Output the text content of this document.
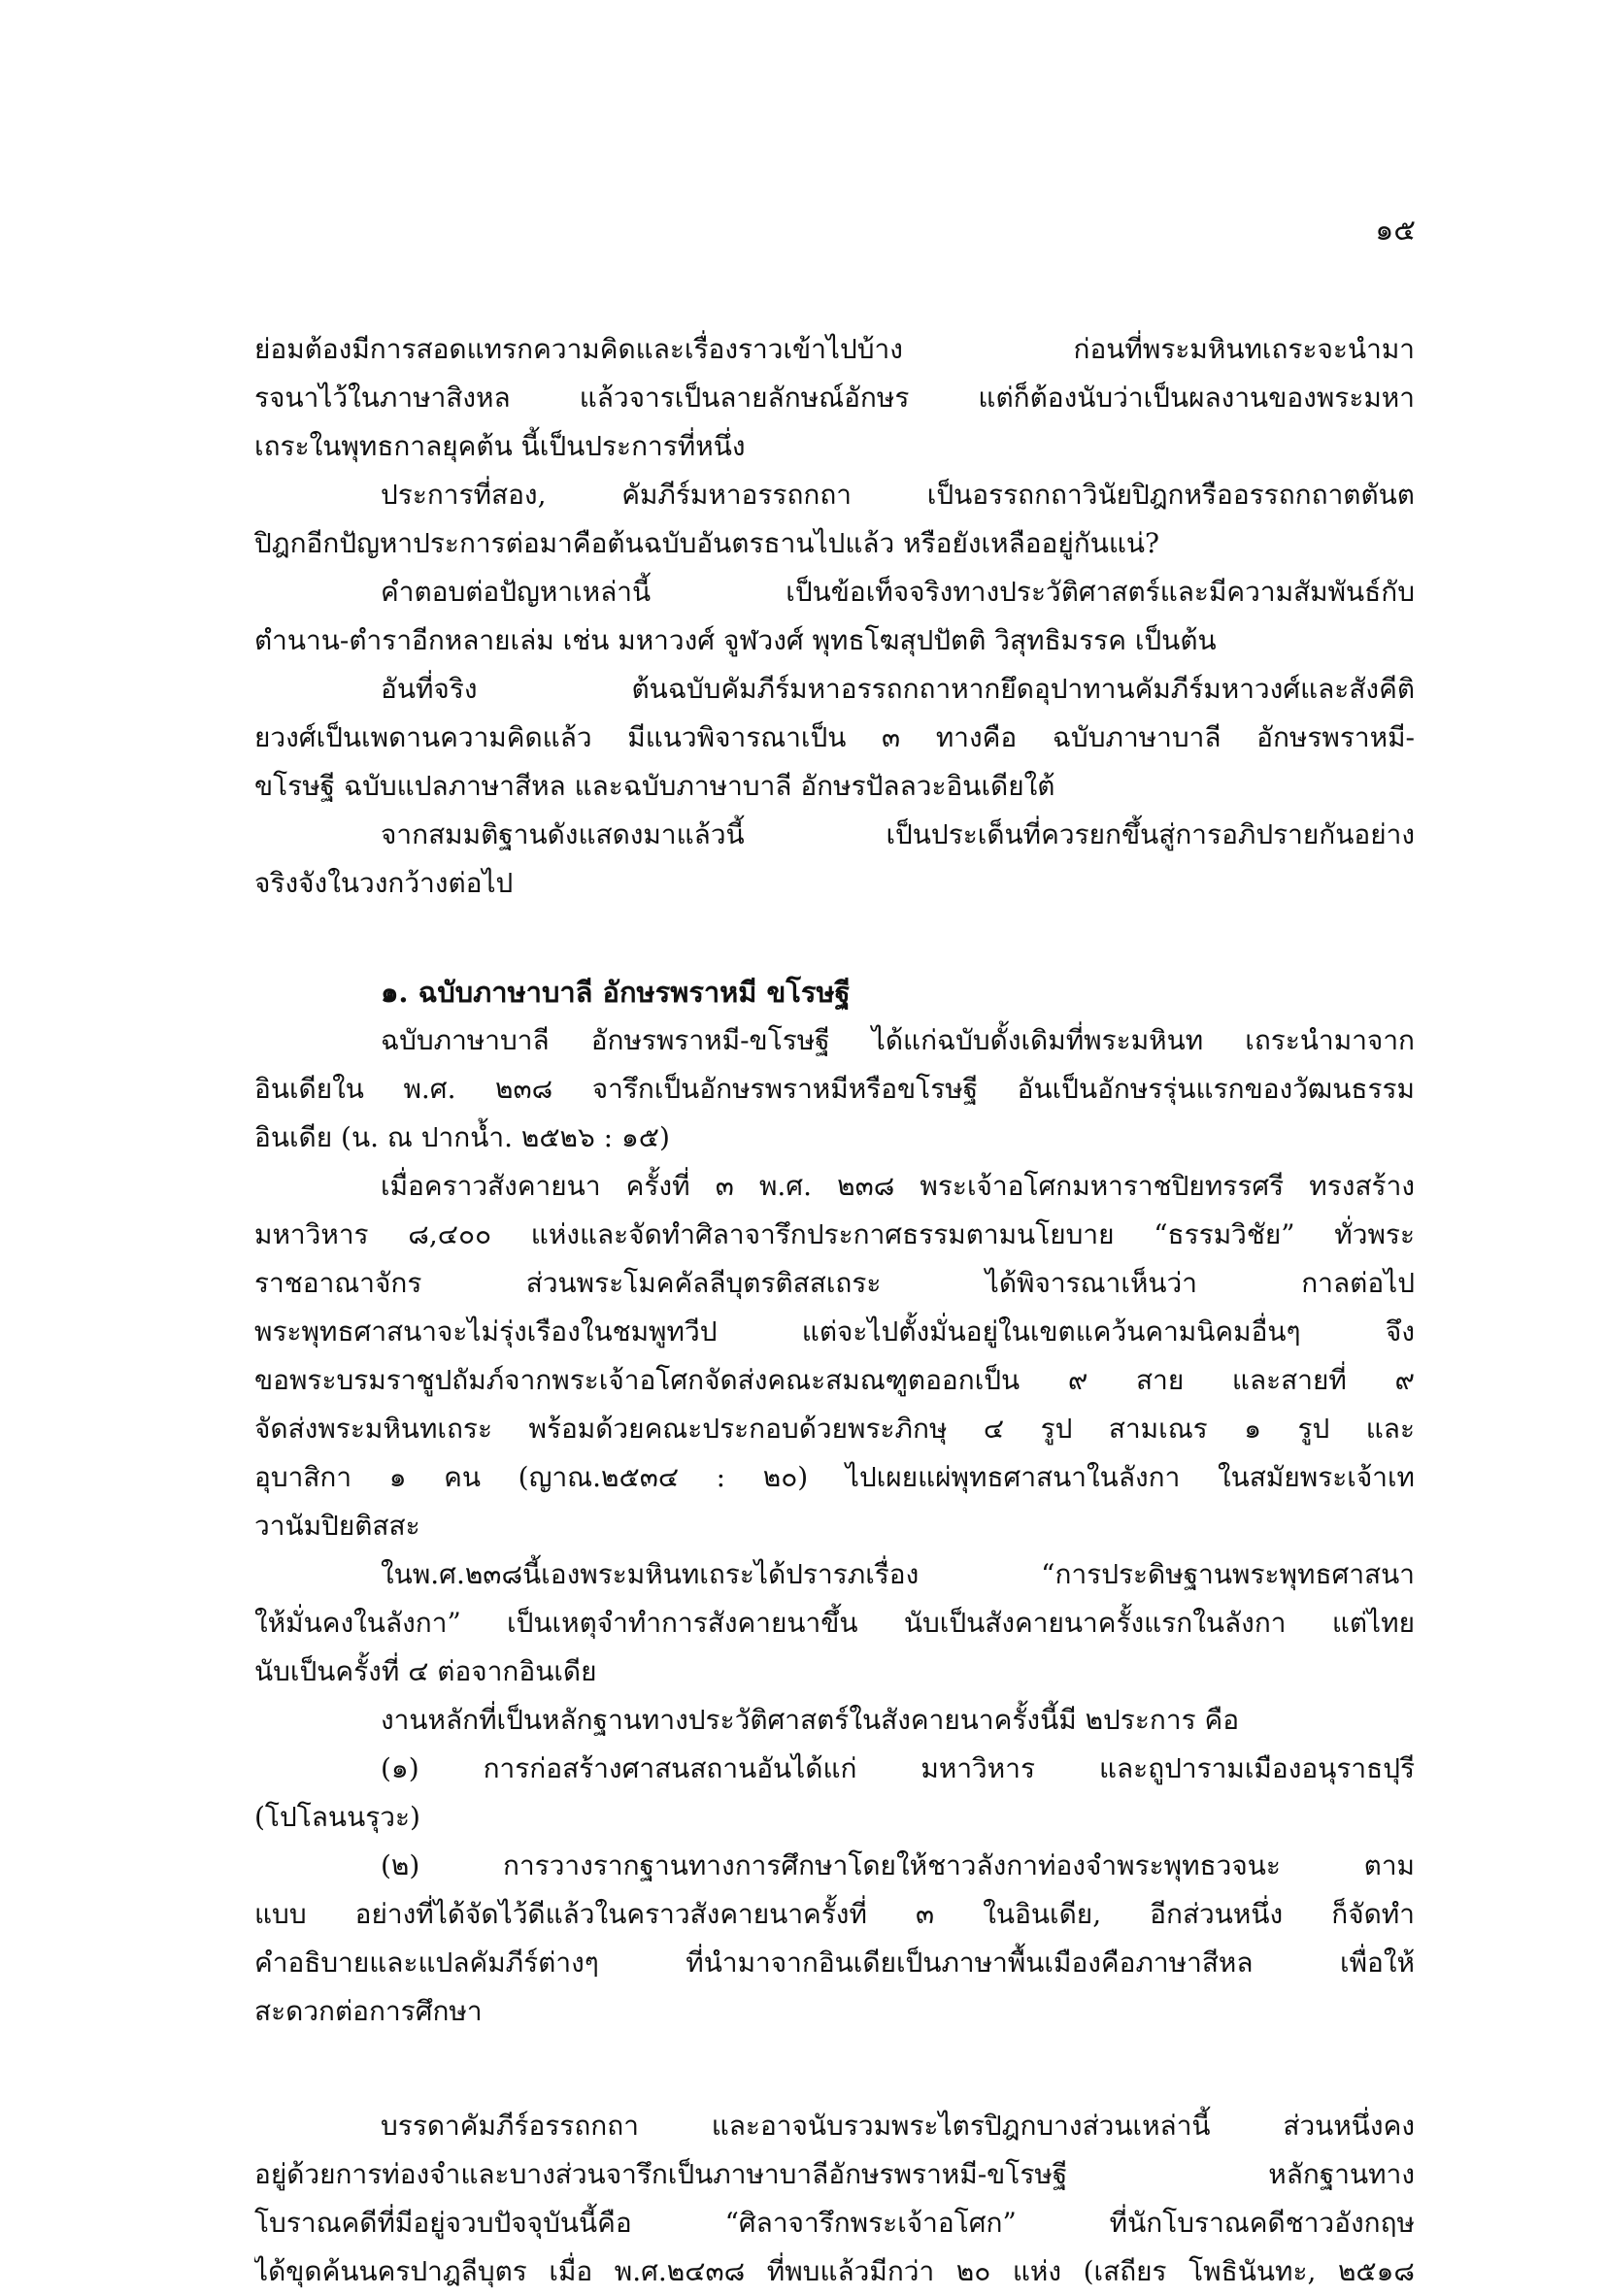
๑๕
ย่อมต้องมีการสอดแทรกความคิดและเรื่องราวเข้าไปบ้าง ก่อนที่พระมหินทเถระจะนำมา
รจนาไว้ในภาษาสิงหล แล้วจารเป็นลายลักษณ์อักษร แต่ก็ต้องนับว่าเป็นผลงานของพระมหา
เถระในพุทธกาลยุคต้น นี้เป็นประการที่หนึ่ง
ประการที่สอง, คัมภีร์มหาอรรถกถา เป็นอรรถกถาวินัยปิฎกหรืออรรถกถาตตันต
ปิฎกอีกปัญหาประการต่อมาคือต้นฉบับอันตรธานไปแล้ว หรือยังเหลืออยู่กันแน่?
คำตอบต่อปัญหาเหล่านี้ เป็นข้อเท็จจริงทางประวัติศาสตร์และมีความสัมพันธ์กับ
ตำนาน-ตำราอีกหลายเล่ม เช่น มหาวงศ์ จูฬวงศ์ พุทธโฆสุปปัตติ วิสุทธิมรรค เป็นต้น
อันที่จริง ต้นฉบับคัมภีร์มหาอรรถกถาหากยึดอุปาทานคัมภีร์มหาวงศ์และสังคีติ
ยวงศ์เป็นเพดานความคิดแล้ว มีแนวพิจารณาเป็น ๓ ทางคือ ฉบับภาษาบาลี อักษรพราหมี-
ขโรษฐี ฉบับแปลภาษาสีหล และฉบับภาษาบาลี อักษรปัลลวะอินเดียใต้
จากสมมติฐานดังแสดงมาแล้วนี้ เป็นประเด็นที่ควรยกขึ้นสู่การอภิปรายกันอย่าง
จริงจังในวงกว้างต่อไป
๑. ฉบับภาษาบาลี อักษรพราหมี ขโรษฐี
ฉบับภาษาบาลี อักษรพราหมี-ขโรษฐี ได้แก่ฉบับดั้งเดิมที่พระมหินท เถระนำมาจาก
อินเดียใน พ.ศ. ๒๓๘ จารึกเป็นอักษรพราหมีหรือขโรษฐี อันเป็นอักษรรุ่นแรกของวัฒนธรรม
อินเดีย (น. ณ ปากน้ำ. ๒๕๒๖ : ๑๕)
เมื่อคราวสังคายนา ครั้งที่ ๓ พ.ศ. ๒๓๘ พระเจ้าอโศกมหาราชปิยทรรศรี ทรงสร้าง
มหาวิหาร ๘,๔๐๐ แห่งและจัดทำศิลาจารึกประกาศธรรมตามนโยบาย “ธรรมวิชัย” ทั่วพระ
ราชอาณาจักร ส่วนพระโมคคัลลีบุตรติสสเถระ ได้พิจารณาเห็นว่า กาลต่อไป
พระพุทธศาสนาจะไม่รุ่งเรืองในชมพูทวีป แต่จะไปตั้งมั่นอยู่ในเขตแคว้นคามนิคมอื่นๆ จึง
ขอพระบรมราชูปถัมภ์จากพระเจ้าอโศกจัดส่งคณะสมณฑูตออกเป็น ๙ สาย และสายที่ ๙
จัดส่งพระมหินทเถระ พร้อมด้วยคณะประกอบด้วยพระภิกษุ ๔ รูป สามเณร ๑ รูป และ
อุบาสิกา ๑ คน (ญาณ.๒๕๓๔ : ๒๐) ไปเผยแผ่พุทธศาสนาในลังกา ในสมัยพระเจ้าเท
วานัมปิยติสสะ
ในพ.ศ.๒๓๘นี้เองพระมหินทเถระได้ปรารภเรื่อง “การประดิษฐานพระพุทธศาสนา
ให้มั่นคงในลังกา” เป็นเหตุจำทำการสังคายนาขึ้น นับเป็นสังคายนาครั้งแรกในลังกา แต่ไทย
นับเป็นครั้งที่ ๔ ต่อจากอินเดีย
งานหลักที่เป็นหลักฐานทางประวัติศาสตร์ในสังคายนาครั้งนี้มี ๒ประการ คือ
(๑) การก่อสร้างศาสนสถานอันได้แก่ มหาวิหาร และถูปารามเมืองอนุราธปุรี
(โปโลนนรุวะ)
(๒) การวางรากฐานทางการศึกษาโดยให้ชาวลังกาท่องจำพระพุทธวจนะ ตาม
แบบ อย่างที่ได้จัดไว้ดีแล้วในคราวสังคายนาครั้งที่ ๓ ในอินเดีย, อีกส่วนหนึ่ง ก็จัดทำ
คำอธิบายและแปลคัมภีร์ต่างๆ ที่นำมาจากอินเดียเป็นภาษาพื้นเมืองคือภาษาสีหล เพื่อให้
สะดวกต่อการศึกษา
บรรดาคัมภีร์อรรถกถา และอาจนับรวมพระไตรปิฎกบางส่วนเหล่านี้ ส่วนหนึ่งคง
อยู่ด้วยการท่องจำและบางส่วนจารึกเป็นภาษาบาลีอักษรพราหมี-ขโรษฐี หลักฐานทาง
โบราณคดีที่มีอยู่จวบปัจจุบันนี้คือ “ศิลาจารึกพระเจ้าอโศก” ที่นักโบราณคดีชาวอังกฤษ
ได้ขุดค้นนครปาฎลีบุตร เมื่อ พ.ศ.๒๔๓๘ ที่พบแล้วมีกว่า ๒๐ แห่ง (เสถียร โพธินันทะ, ๒๕๑๘
